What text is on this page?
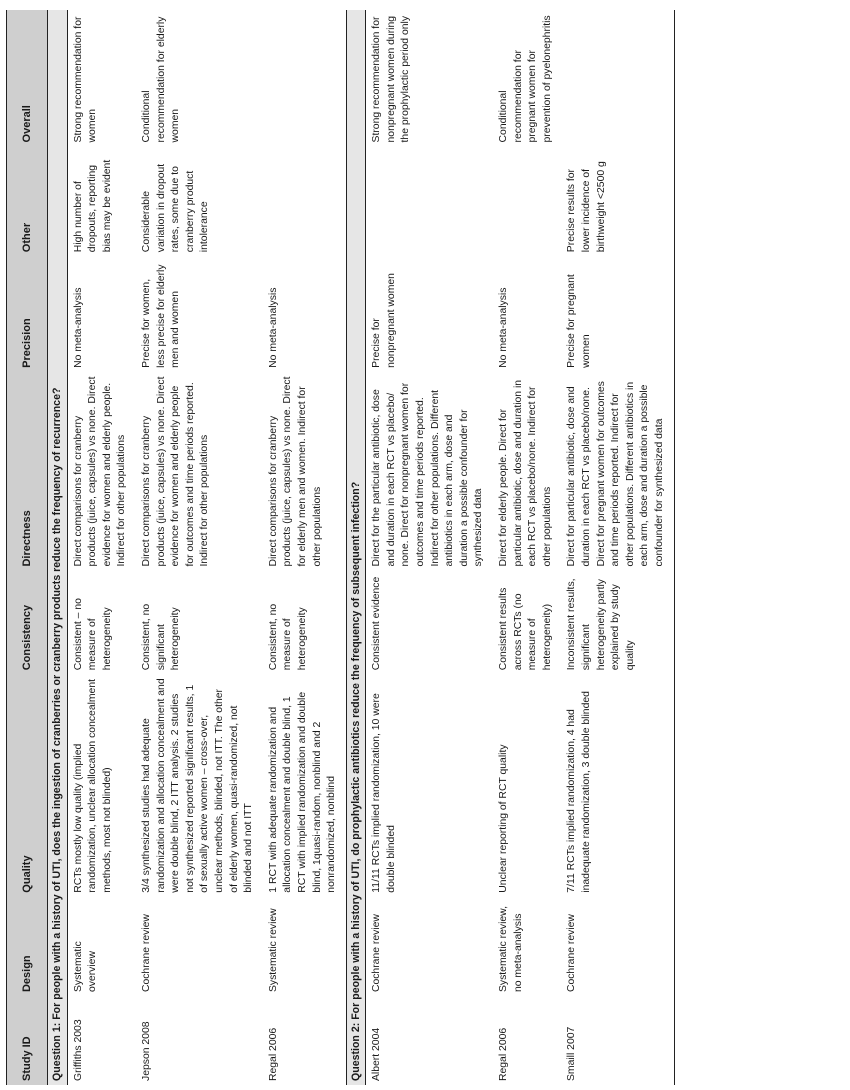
Study ID	Design	Quality	Consistency	Directness	Precision	Other	Overall
Question 1: For people with a history of UTI, does the ingestion of cranberries or cranberry products reduce the frequency of recurrence?							
Griffiths 2003	Systematic overview	RCTs mostly low quality (implied randomization, unclear allocation concealment methods, most not blinded)	Consistent – no measure of heterogeneity	Direct comparisons for cranberry products (juice, capsules) vs none. Direct evidence for women and elderly people. Indirect for other populations	No meta-analysis	High number of dropouts, reporting bias may be evident	Strong recommendation for women
Jepson 2008	Cochrane review	3/4 synthesized studies had adequate randomization and allocation concealment and were double blind, 2 ITT analysis. 2 studies not synthesized reported significant results, 1 of sexually active women – cross-over, unclear methods, blinded, not ITT. The other of elderly women, quasi-randomized, not blinded and not ITT	Consistent, no significant heterogeneity	Direct comparisons for cranberry products (juice, capsules) vs none. Direct evidence for women and elderly people for outcomes and time periods reported. Indirect for other populations	Precise for women, less precise for elderly men and women	Considerable variation in dropout rates, some due to cranberry product intolerance	Conditional recommendation for elderly women
Regal 2006	Systematic review	1 RCT with adequate randomization and allocation concealment and double blind, 1 RCT with implied randomization and double blind, 1quasi-random, nonblind and 2 nonrandomized, nonblind	Consistent, no measure of heterogeneity	Direct comparisons for cranberry products (juice, capsules) vs none. Direct for elderly men and women. Indirect for other populations	No meta-analysis		
Question 2: For people with a history of UTI, do prophylactic antibiotics reduce the frequency of subsequent infection?							
Albert 2004	Cochrane review	11/11 RCTs implied randomization, 10 were double blinded	Consistent evidence	Direct for the particular antibiotic, dose and duration in each RCT vs placebo/ none. Direct for nonpregnant women for outcomes and time periods reported. Indirect for other populations. Different antibiotics in each arm, dose and duration a possible confounder for synthesized data	Precise for nonpregnant women		Strong recommendation for nonpregnant women during the prophylactic period only
Regal 2006	Systematic review, no meta-analysis	Unclear reporting of RCT quality	Consistent results across RCTs (no measure of heterogeneity)	Direct for elderly people. Direct for particular antibiotic, dose and duration in each RCT vs placebo/none. Indirect for other populations	No meta-analysis		Conditional recommendation for pregnant women for prevention of pyelonephritis
Smaill 2007	Cochrane review	7/11 RCTs implied randomization, 4 had inadequate randomization, 3 double blinded	Inconsistent results, significant heterogeneity partly explained by study quality	Direct for particular antibiotic, dose and duration in each RCT vs placebo/none. Direct for pregnant women for outcomes and time periods reported. Indirect for other populations. Different antibiotics in each arm, dose and duration a possible confounder for synthesized data	Precise for pregnant women	Precise results for lower incidence of birthweight <2500 g	
